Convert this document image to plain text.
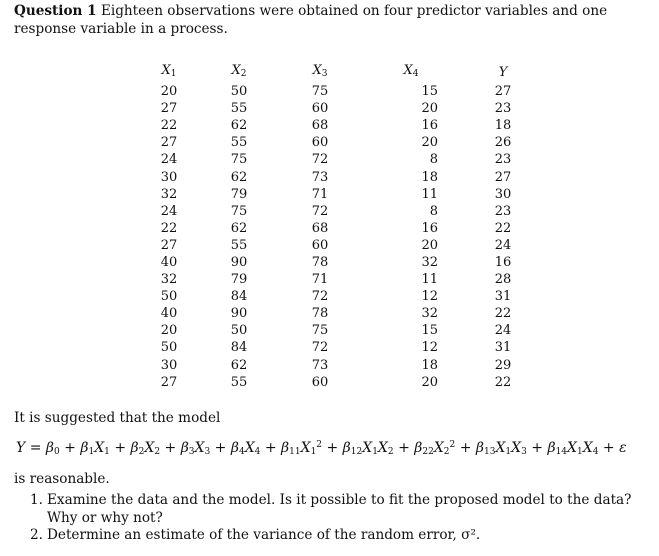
Question 1 Eighteen observations were obtained on four predictor variables and one response variable in a process.
$X_1$	$X_2$	$X_3$	$X_4$	Y
20	50	75	15	27
27	55	60	20	23
22	62	68	16	18
27	55	60	20	26
24	75	72	8	23
30	62	73	18	27
32	79	71	11	30
24	75	72	8	23
22	62	68	16	22
27	55	60	20	24
40	90	78	32	16
32	79	71	11	28
50	84	72	12	31
40	90	78	32	22
20	50	75	15	24
50	84	72	12	31
30	62	73	18	29
27	55	60	20	22
It is suggested that the model
$Y = \beta_0 + \beta_1X_1 + \beta_2X_2 + \beta_3X_3 + \beta_4X_4 + \beta_{11}X_1^2 + \beta_{12}X_1X_2 + \beta_{22}X_2^2 + \beta_{13}X_1X_3 + \beta_{14}X_1X_4 + \varepsilon$
is reasonable.
1. Examine the data and the model. Is it possible to fit the proposed model to the data? Why or why not?
2. Determine an estimate of the variance of the random error, σ².
